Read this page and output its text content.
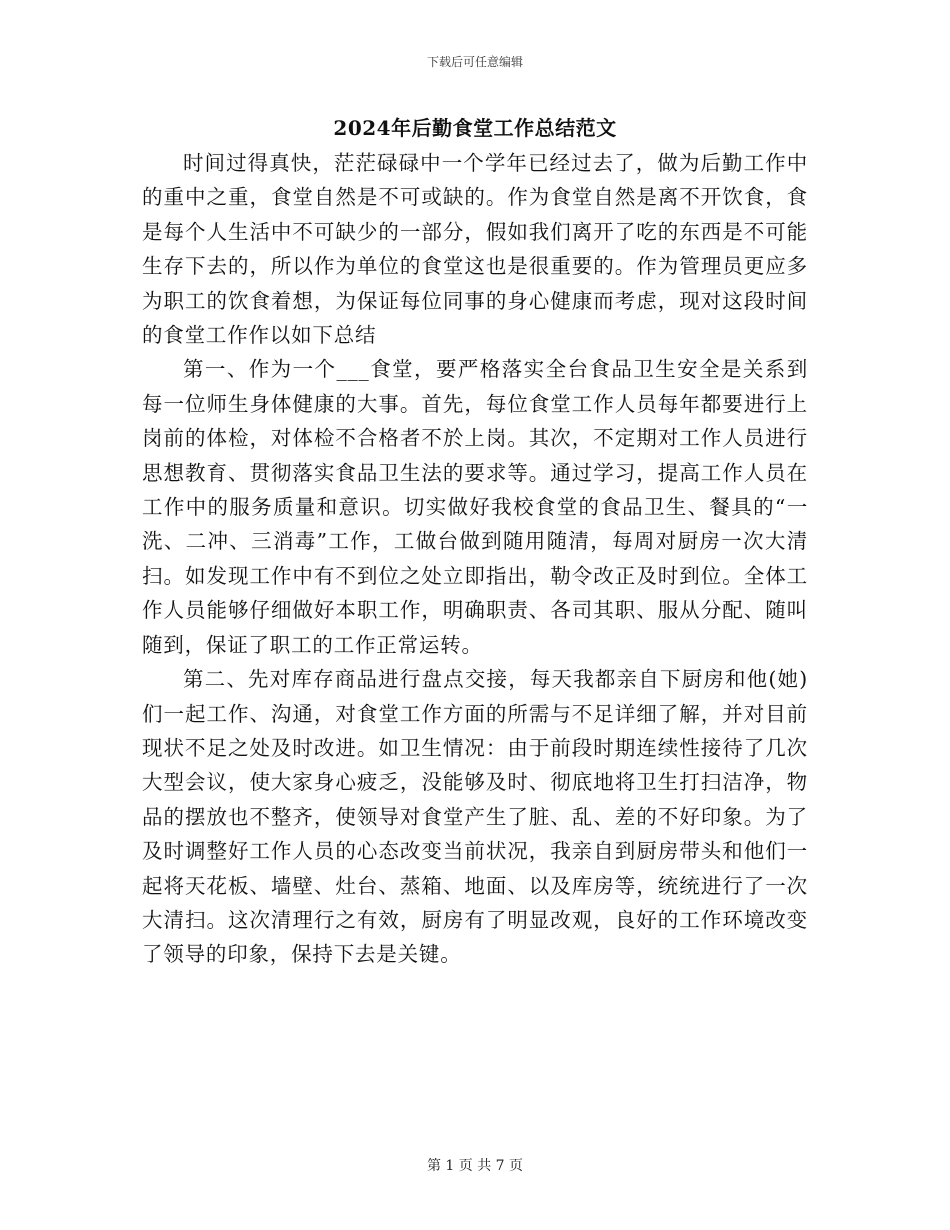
下载后可任意编辑
2024年后勤食堂工作总结范文

时间过得真快，茫茫碌碌中一个学年已经过去了，做为后勤工作中的重中之重，食堂自然是不可或缺的。作为食堂自然是离不开饮食，食是每个人生活中不可缺少的一部分，假如我们离开了吃的东西是不可能生存下去的，所以作为单位的食堂这也是很重要的。作为管理员更应多为职工的饮食着想，为保证每位同事的身心健康而考虑，现对这段时间的食堂工作作以如下总结

第一、作为一个___食堂，要严格落实全台食品卫生安全是关系到每一位师生身体健康的大事。首先，每位食堂工作人员每年都要进行上岗前的体检，对体检不合格者不於上岗。其次，不定期对工作人员进行思想教育、贯彻落实食品卫生法的要求等。通过学习，提高工作人员在工作中的服务质量和意识。切实做好我校食堂的食品卫生、餐具的“一洗、二冲、三消毒”工作，工做台做到随用随清，每周对厨房一次大清扫。如发现工作中有不到位之处立即指出，勒令改正及时到位。全体工作人员能够仔细做好本职工作，明确职责、各司其职、服从分配、随叫随到，保证了职工的工作正常运转。

第二、先对库存商品进行盘点交接，每天我都亲自下厨房和他(她)们一起工作、沟通，对食堂工作方面的所需与不足详细了解，并对目前现状不足之处及时改进。如卫生情况：由于前段时期连续性接待了几次大型会议，使大家身心疲乏，没能够及时、彻底地将卫生打扫洁净，物品的摆放也不整齐，使领导对食堂产生了脏、乱、差的不好印象。为了及时调整好工作人员的心态改变当前状况，我亲自到厨房带头和他们一起将天花板、墙壁、灶台、蒸箱、地面、以及库房等，统统进行了一次大清扫。这次清理行之有效，厨房有了明显改观，良好的工作环境改变了领导的印象，保持下去是关键。

第 1 页 共 7 页
